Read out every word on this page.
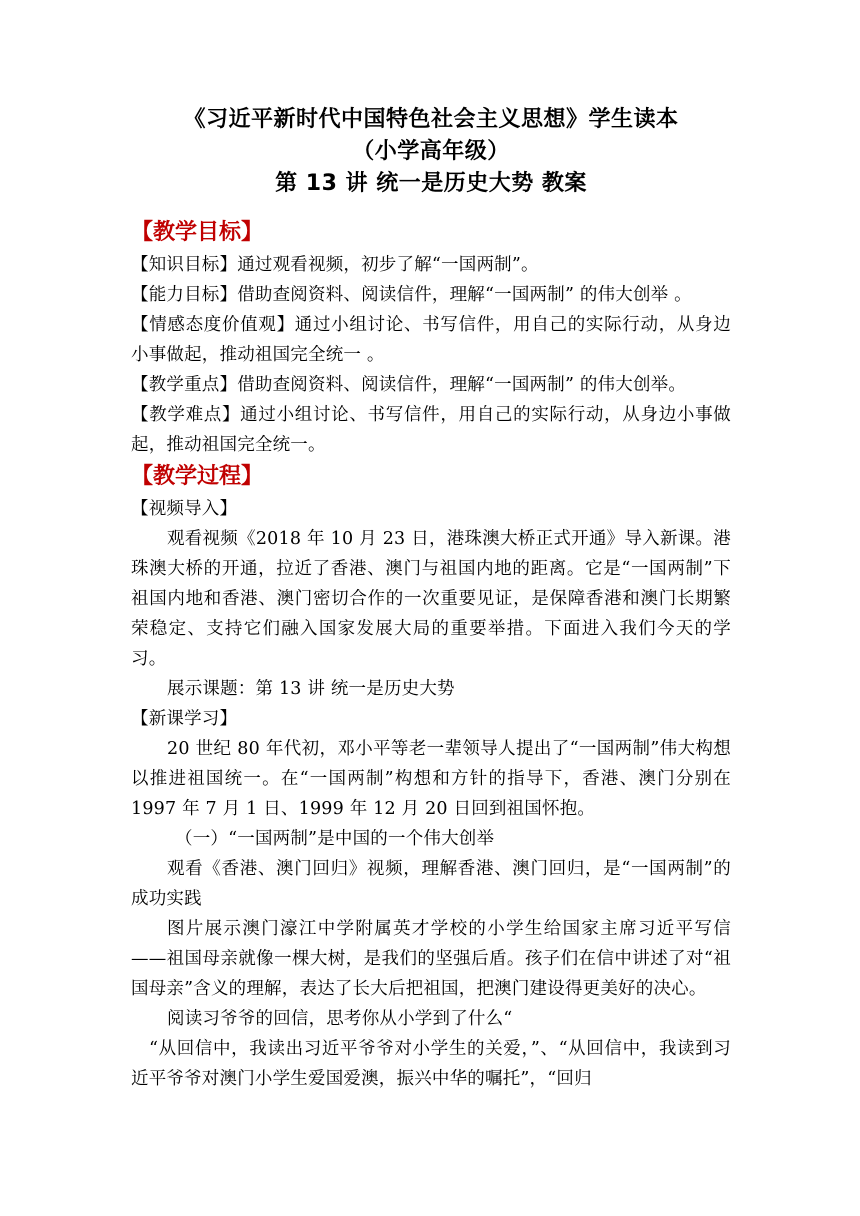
《习近平新时代中国特色社会主义思想》学生读本
（小学高年级）
第 13 讲 统一是历史大势 教案
【教学目标】
【知识目标】通过观看视频，初步了解“一国两制”。
【能力目标】借助查阅资料、阅读信件，理解“一国两制” 的伟大创举 。
【情感态度价值观】通过小组讨论、书写信件，用自己的实际行动，从身边小事做起，推动祖国完全统一 。
【教学重点】借助查阅资料、阅读信件，理解“一国两制” 的伟大创举。
【教学难点】通过小组讨论、书写信件，用自己的实际行动，从身边小事做起，推动祖国完全统一。
【教学过程】
【视频导入】
观看视频《2018 年 10 月 23 日，港珠澳大桥正式开通》导入新课。港珠澳大桥的开通，拉近了香港、澳门与祖国内地的距离。它是“一国两制”下祖国内地和香港、澳门密切合作的一次重要见证，是保障香港和澳门长期繁荣稳定、支持它们融入国家发展大局的重要举措。下面进入我们今天的学习。
展示课题：第 13 讲 统一是历史大势
【新课学习】
20 世纪 80 年代初，邓小平等老一辈领导人提出了“一国两制”伟大构想以推进祖国统一。在“一国两制”构想和方针的指导下，香港、澳门分别在 1997 年 7 月 1 日、1999 年 12 月 20 日回到祖国怀抱。
（一）“一国两制”是中国的一个伟大创举
观看《香港、澳门回归》视频，理解香港、澳门回归，是“一国两制”的成功实践
图片展示澳门濠江中学附属英才学校的小学生给国家主席习近平写信——祖国母亲就像一棵大树，是我们的坚强后盾。孩子们在信中讲述了对“祖国母亲”含义的理解，表达了长大后把祖国，把澳门建设得更美好的决心。
阅读习爷爷的回信，思考你从小学到了什么“
“从回信中，我读出习近平爷爷对小学生的关爱，”、“从回信中，我读到习近平爷爷对澳门小学生爱国爱澳，振兴中华的嘱托”，“回归
